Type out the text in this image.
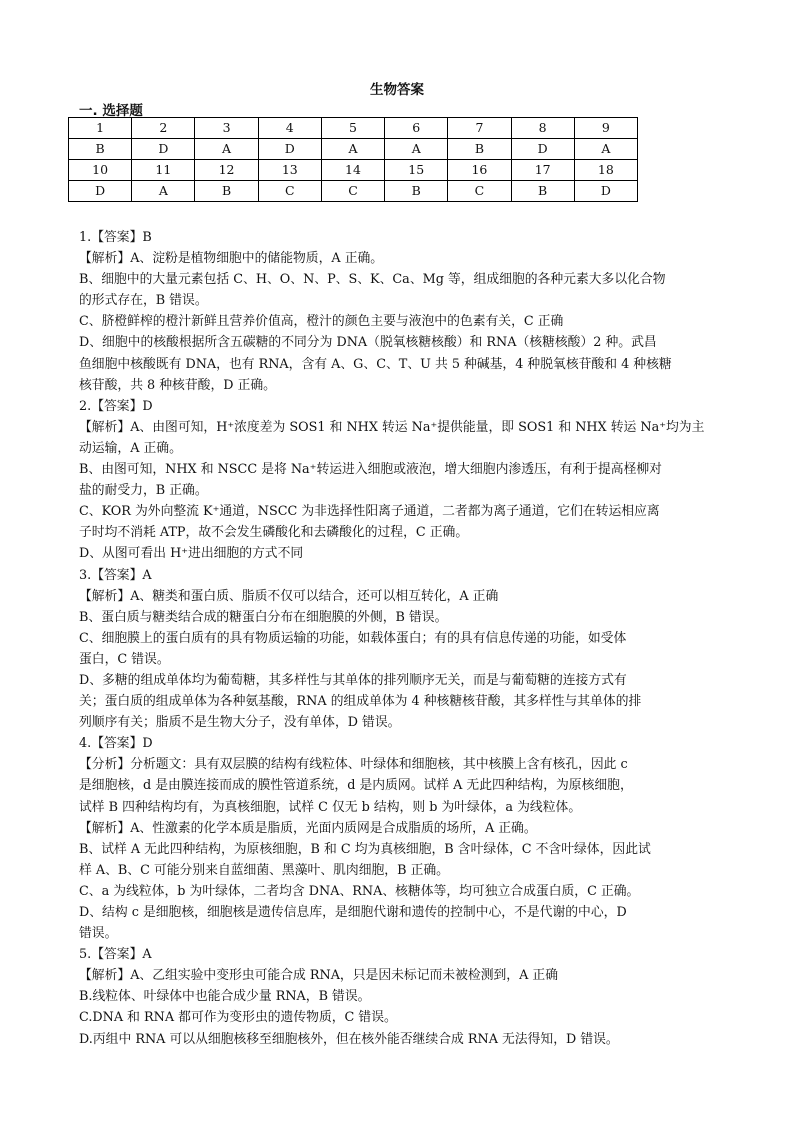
生物答案
一. 选择题
1	2	3	4	5	6	7	8	9
B	D	A	D	A	A	B	D	A
10	11	12	13	14	15	16	17	18
D	A	B	C	C	B	C	B	D
1.【答案】B
【解析】A、淀粉是植物细胞中的储能物质，A 正确。
B、细胞中的大量元素包括 C、H、O、N、P、S、K、Ca、Mg 等，组成细胞的各种元素大多以化合物
的形式存在，B 错误。
C、脐橙鲜榨的橙汁新鲜且营养价值高，橙汁的颜色主要与液泡中的色素有关，C 正确
D、细胞中的核酸根据所含五碳糖的不同分为 DNA（脱氧核糖核酸）和 RNA（核糖核酸）2 种。武昌
鱼细胞中核酸既有 DNA，也有 RNA，含有 A、G、C、T、U 共 5 种碱基，4 种脱氧核苷酸和 4 种核糖
核苷酸，共 8 种核苷酸，D 正确。
2.【答案】D
【解析】A、由图可知，H⁺浓度差为 SOS1 和 NHX 转运 Na⁺提供能量，即 SOS1 和 NHX 转运 Na⁺均为主
动运输，A 正确。
B、由图可知，NHX 和 NSCC 是将 Na⁺转运进入细胞或液泡，增大细胞内渗透压，有利于提高柽柳对
盐的耐受力，B 正确。
C、KOR 为外向整流 K⁺通道，NSCC 为非选择性阳离子通道，二者都为离子通道，它们在转运相应离
子时均不消耗 ATP，故不会发生磷酸化和去磷酸化的过程，C 正确。
D、从图可看出 H⁺进出细胞的方式不同
3.【答案】A
【解析】A、糖类和蛋白质、脂质不仅可以结合，还可以相互转化，A 正确
B、蛋白质与糖类结合成的糖蛋白分布在细胞膜的外侧，B 错误。
C、细胞膜上的蛋白质有的具有物质运输的功能，如载体蛋白；有的具有信息传递的功能，如受体
蛋白，C 错误。
D、多糖的组成单体均为葡萄糖，其多样性与其单体的排列顺序无关，而是与葡萄糖的连接方式有
关；蛋白质的组成单体为各种氨基酸，RNA 的组成单体为 4 种核糖核苷酸，其多样性与其单体的排
列顺序有关；脂质不是生物大分子，没有单体，D 错误。
4.【答案】D
【分析】分析题文：具有双层膜的结构有线粒体、叶绿体和细胞核，其中核膜上含有核孔，因此 c
是细胞核，d 是由膜连接而成的膜性管道系统，d 是内质网。试样 A 无此四种结构，为原核细胞，
试样 B 四种结构均有，为真核细胞，试样 C 仅无 b 结构，则 b 为叶绿体，a 为线粒体。
【解析】A、性激素的化学本质是脂质，光面内质网是合成脂质的场所，A 正确。
B、试样 A 无此四种结构，为原核细胞，B 和 C 均为真核细胞，B 含叶绿体，C 不含叶绿体，因此试
样 A、B、C 可能分别来自蓝细菌、黑藻叶、肌肉细胞，B 正确。
C、a 为线粒体，b 为叶绿体，二者均含 DNA、RNA、核糖体等，均可独立合成蛋白质，C 正确。
D、结构 c 是细胞核，细胞核是遗传信息库，是细胞代谢和遗传的控制中心，不是代谢的中心，D
错误。
5.【答案】A
【解析】A、乙组实验中变形虫可能合成 RNA，只是因未标记而未被检测到，A 正确
B.线粒体、叶绿体中也能合成少量 RNA，B 错误。
C.DNA 和 RNA 都可作为变形虫的遗传物质，C 错误。
D.丙组中 RNA 可以从细胞核移至细胞核外，但在核外能否继续合成 RNA 无法得知，D 错误。
